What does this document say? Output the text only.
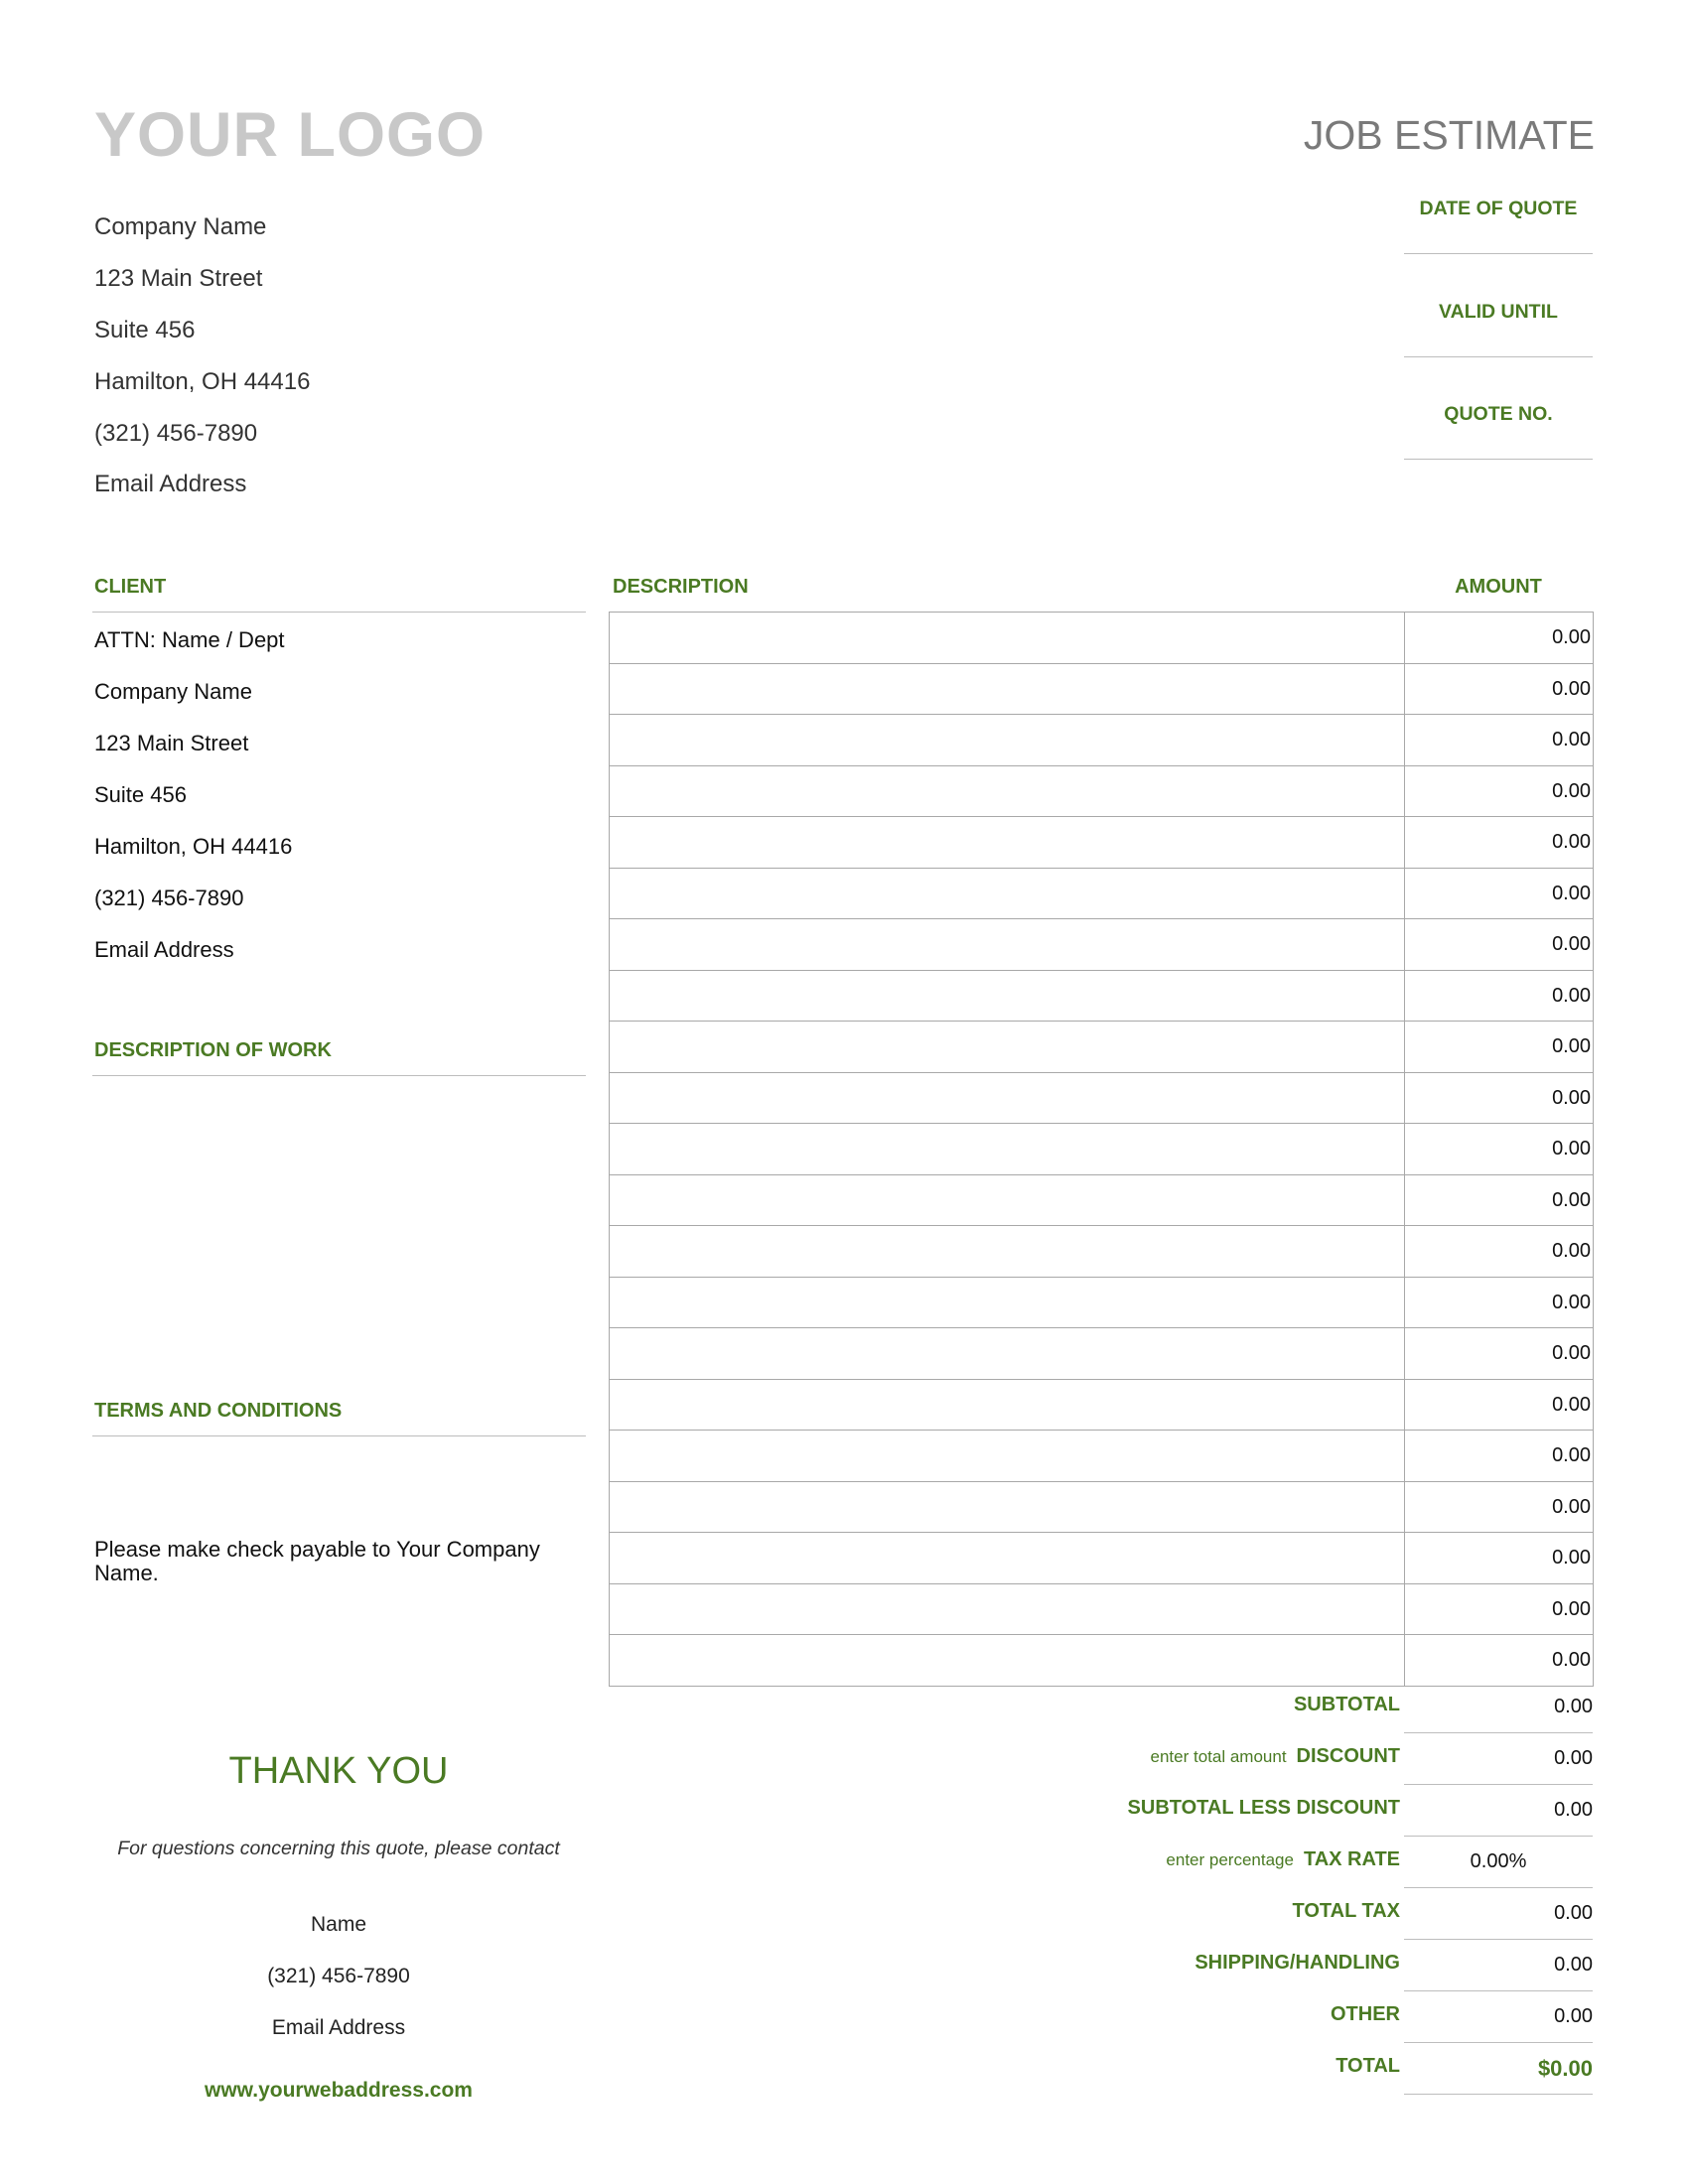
YOUR LOGO	JOB ESTIMATE
Company Name
123 Main Street
Suite 456
Hamilton, OH 44416
(321) 456-7890
Email Address
DATE OF QUOTE
VALID UNTIL
QUOTE NO.
CLIENT
ATTN: Name / Dept
Company Name
123 Main Street
Suite 456
Hamilton, OH 44416
(321) 456-7890
Email Address
DESCRIPTION OF WORK
TERMS AND CONDITIONS
Please make check payable to Your Company Name.
DESCRIPTION	AMOUNT
0.00
0.00
0.00
0.00
0.00
0.00
0.00
0.00
0.00
0.00
0.00
0.00
0.00
0.00
0.00
0.00
0.00
0.00
0.00
0.00
0.00
SUBTOTAL	0.00
enter total amount DISCOUNT	0.00
SUBTOTAL LESS DISCOUNT	0.00
enter percentage TAX RATE	0.00%
TOTAL TAX	0.00
SHIPPING/HANDLING	0.00
OTHER	0.00
TOTAL	$0.00
THANK YOU
For questions concerning this quote, please contact
Name
(321) 456-7890
Email Address
www.yourwebaddress.com
